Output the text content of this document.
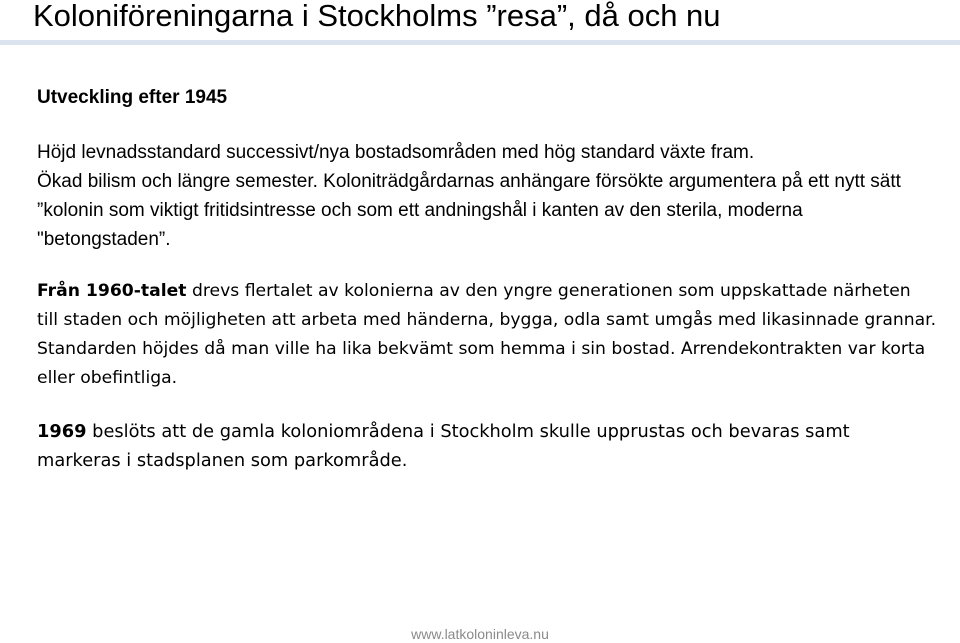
Koloniföreningarna i Stockholms ”resa”, då och nu
Utveckling efter 1945

Höjd levnadsstandard successivt/nya bostadsområden med hög standard växte fram.
Ökad bilism och längre semester. Koloniträdgårdarnas anhängare försökte argumentera på ett nytt sätt ”kolonin som viktigt fritidsintresse och som ett andningshål i kanten av den sterila, moderna "betongstaden”.

Från 1960-talet drevs flertalet av kolonierna av den yngre generationen som uppskattade närheten till staden och möjligheten att arbeta med händerna, bygga, odla samt umgås med likasinnade grannar. Standarden höjdes då man ville ha lika bekvämt som hemma i sin bostad. Arrendekontrakten var korta eller obefintliga.

1969 beslöts att de gamla koloniområdena i Stockholm skulle upprustas och bevaras samt markeras i stadsplanen som parkområde.

www.latkoloninleva.nu
